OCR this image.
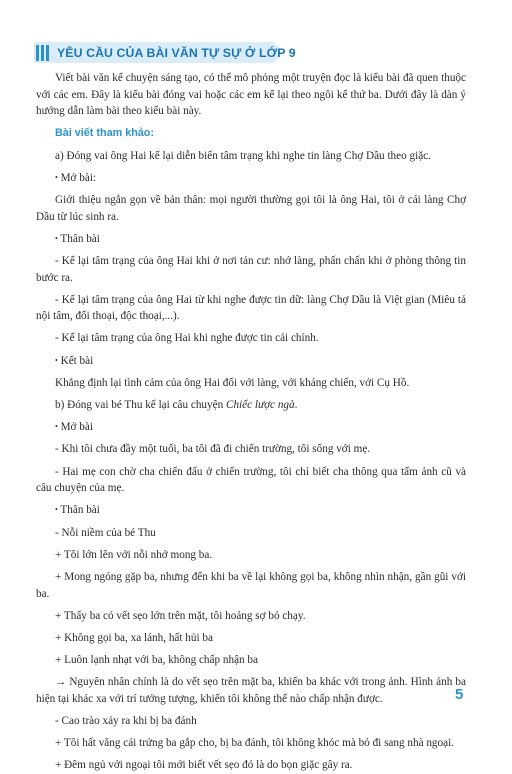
YÊU CẦU CỦA BÀI VĂN TỰ SỰ Ở LỚP 9

Viết bài văn kể chuyện sáng tạo, có thể mô phỏng một truyện đọc là kiểu bài đã quen thuộc với các em. Đây là kiểu bài đóng vai hoặc các em kể lại theo ngôi kể thứ ba. Dưới đây là dàn ý hướng dẫn làm bài theo kiểu bài này.

Bài viết tham khảo:

a) Đóng vai ông Hai kể lại diễn biến tâm trạng khi nghe tin làng Chợ Dầu theo giặc.

• Mở bài:

Giới thiệu ngắn gọn về bản thân: mọi người thường gọi tôi là ông Hai, tôi ở cái làng Chợ Dầu từ lúc sinh ra.

• Thân bài

- Kể lại tâm trạng của ông Hai khi ở nơi tản cư: nhớ làng, phấn chấn khi ở phòng thông tin bước ra.

- Kể lại tâm trạng của ông Hai từ khi nghe được tin dữ: làng Chợ Dầu là Việt gian (Miêu tả nội tâm, đối thoại, độc thoại,...).

- Kể lại tâm trạng của ông Hai khi nghe được tin cải chính.

• Kết bài

Khẳng định lại tình cảm của ông Hai đối với làng, với kháng chiến, với Cụ Hồ.

b) Đóng vai bé Thu kể lại câu chuyện Chiếc lược ngà.

• Mở bài

- Khi tôi chưa đầy một tuổi, ba tôi đã đi chiến trường, tôi sống với mẹ.

- Hai mẹ con chờ cha chiến đấu ở chiến trường, tôi chỉ biết cha thông qua tấm ảnh cũ và câu chuyện của mẹ.

• Thân bài

- Nỗi niềm của bé Thu

+ Tôi lớn lên với nỗi nhớ mong ba.

+ Mong ngóng gặp ba, nhưng đến khi ba về lại không gọi ba, không nhìn nhận, gần gũi với ba.

+ Thấy ba có vết sẹo lớn trên mặt, tôi hoảng sợ bỏ chạy.

+ Không gọi ba, xa lánh, hất hủi ba

+ Luôn lạnh nhạt với ba, không chấp nhận ba

→ Nguyên nhân chính là do vết sẹo trên mặt ba, khiến ba khác với trong ảnh. Hình ảnh ba hiện tại khác xa với trí tưởng tượng, khiến tôi không thể nào chấp nhận được.

- Cao trào xảy ra khi bị ba đánh

+ Tôi hất văng cái trứng ba gắp cho, bị ba đánh, tôi không khóc mà bỏ đi sang nhà ngoại.

+ Đêm ngủ với ngoại tôi mới biết vết sẹo đó là do bọn giặc gây ra.

5
